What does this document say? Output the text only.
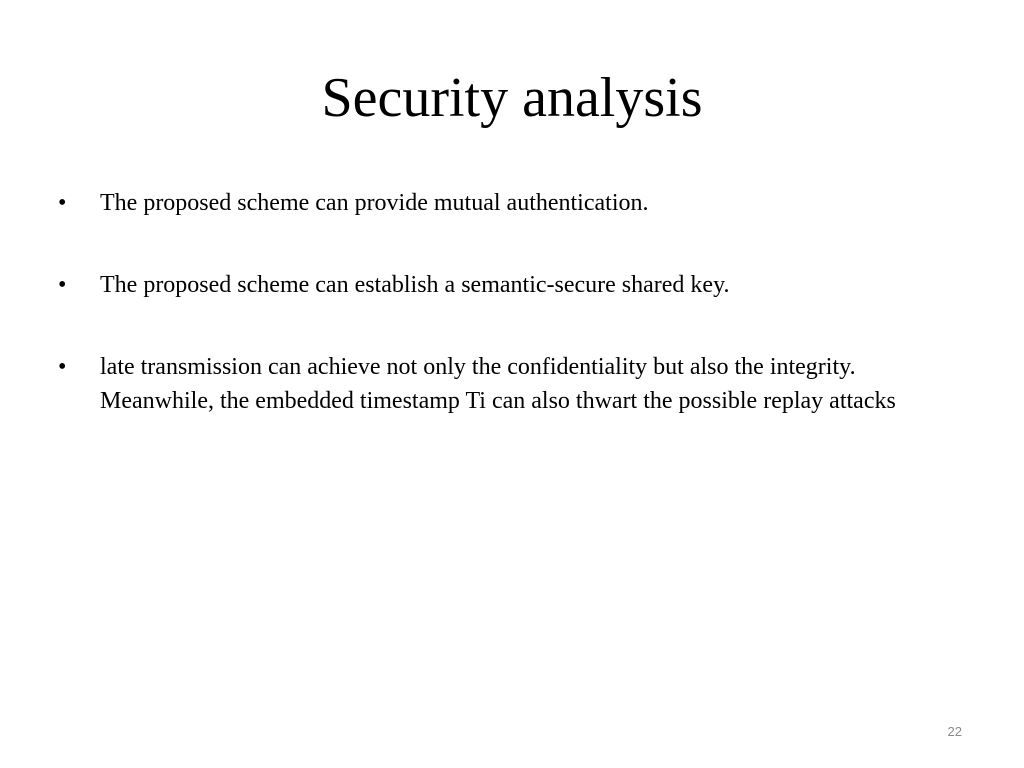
Security analysis
•	The proposed scheme can provide mutual authentication.
•	The proposed scheme can establish a semantic-secure shared key.
•	late transmission can achieve not only the confidentiality but also the integrity. Meanwhile, the embedded timestamp Ti can also thwart the possible replay attacks
22
